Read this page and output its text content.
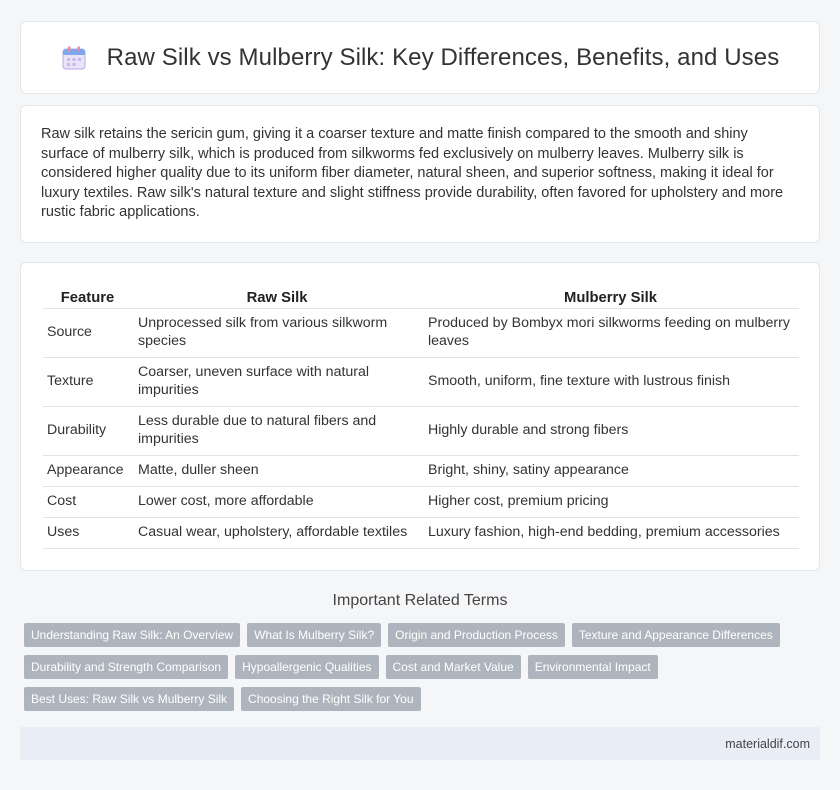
Raw Silk vs Mulberry Silk: Key Differences, Benefits, and Uses

Raw silk retains the sericin gum, giving it a coarser texture and matte finish compared to the smooth and shiny surface of mulberry silk, which is produced from silkworms fed exclusively on mulberry leaves. Mulberry silk is considered higher quality due to its uniform fiber diameter, natural sheen, and superior softness, making it ideal for luxury textiles. Raw silk's natural texture and slight stiffness provide durability, often favored for upholstery and more rustic fabric applications.

Feature	Raw Silk	Mulberry Silk
Source	Unprocessed silk from various silkworm species	Produced by Bombyx mori silkworms feeding on mulberry leaves
Texture	Coarser, uneven surface with natural impurities	Smooth, uniform, fine texture with lustrous finish
Durability	Less durable due to natural fibers and impurities	Highly durable and strong fibers
Appearance	Matte, duller sheen	Bright, shiny, satiny appearance
Cost	Lower cost, more affordable	Higher cost, premium pricing
Uses	Casual wear, upholstery, affordable textiles	Luxury fashion, high-end bedding, premium accessories
Important Related Terms
Understanding Raw Silk: An Overview	What Is Mulberry Silk?	Origin and Production Process	Texture and Appearance Differences
Durability and Strength Comparison	Hypoallergenic Qualities	Cost and Market Value	Environmental Impact
Best Uses: Raw Silk vs Mulberry Silk	Choosing the Right Silk for You
materialdif.com
